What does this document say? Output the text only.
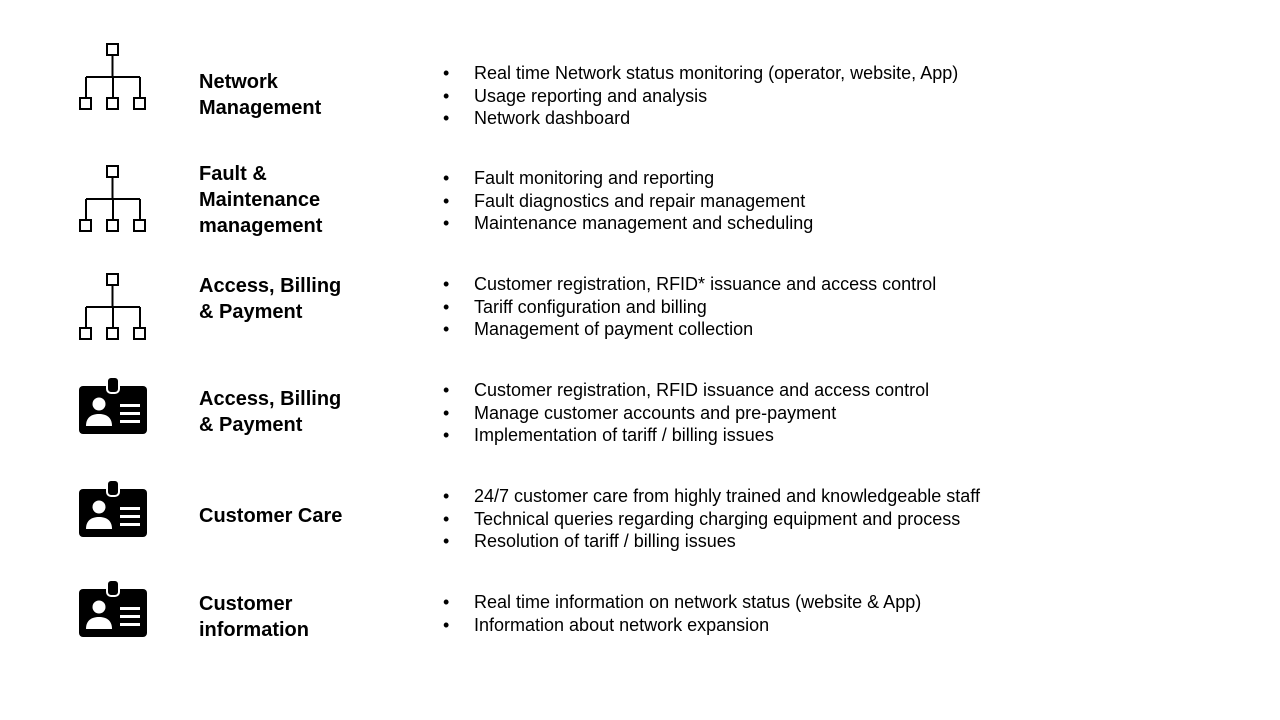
Network
Management
• Real time Network status monitoring (operator, website, App)
• Usage reporting and analysis
• Network dashboard
Fault &
Maintenance
management
• Fault monitoring and reporting
• Fault diagnostics and repair management
• Maintenance management and scheduling
Access, Billing
& Payment
• Customer registration, RFID* issuance and access control
• Tariff configuration and billing
• Management of payment collection
Access, Billing
& Payment
• Customer registration, RFID issuance and access control
• Manage customer accounts and pre-payment
• Implementation of tariff / billing issues
Customer Care
• 24/7 customer care from highly trained and knowledgeable staff
• Technical queries regarding charging equipment and process
• Resolution of tariff / billing issues
Customer
information
• Real time information on network status (website & App)
• Information about network expansion
